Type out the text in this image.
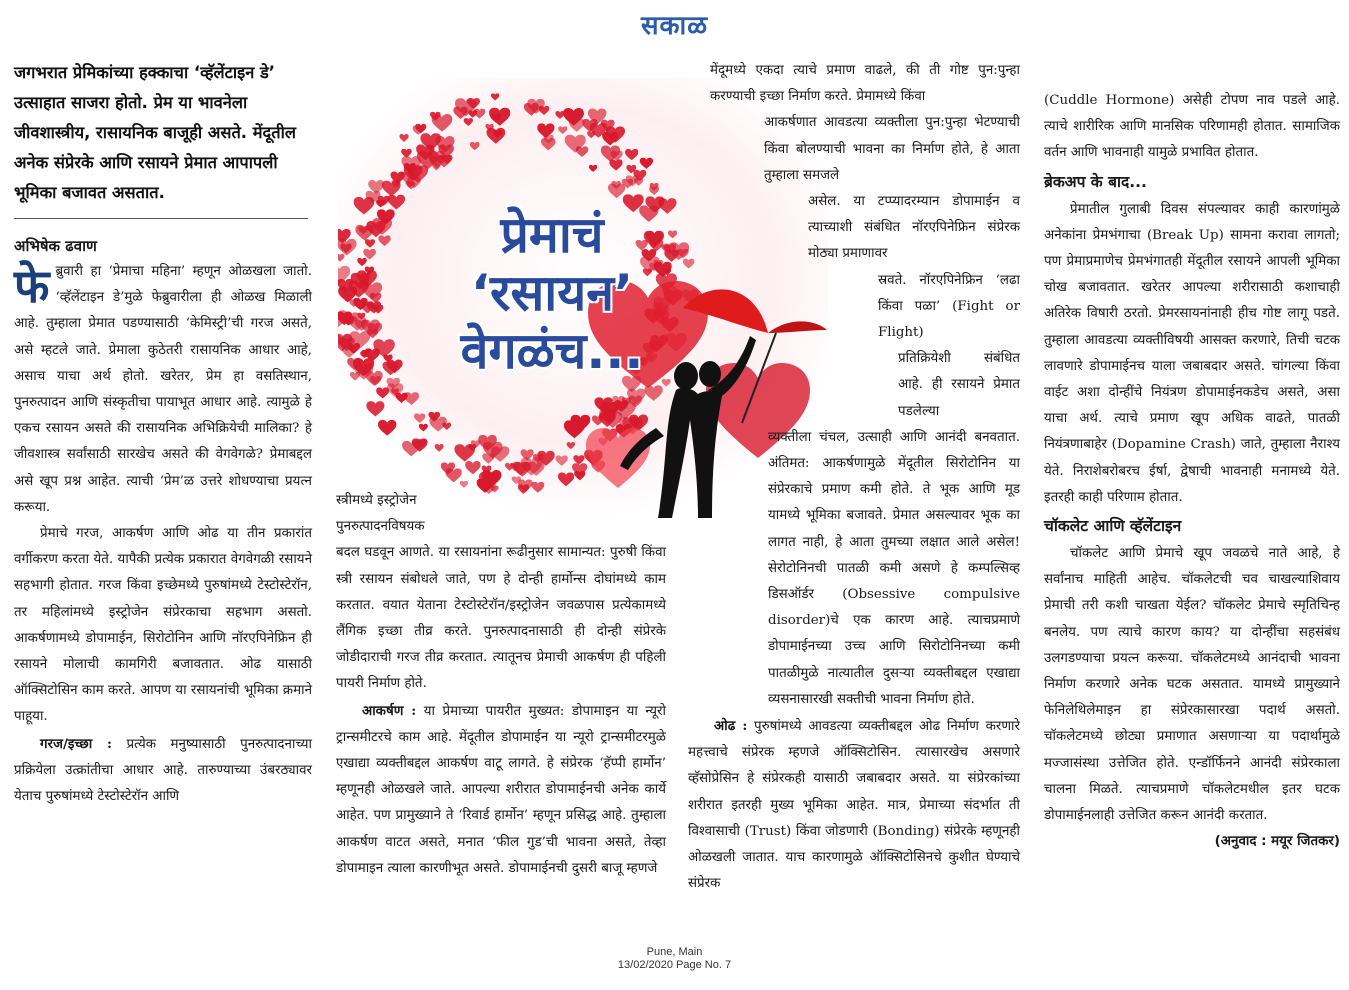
सकाळ

जगभरात प्रेमिकांच्या हक्काचा ‘व्हॅलेंटाइन डे’ उत्साहात साजरा होतो. प्रेम या भावनेला जीवशास्त्रीय, रासायनिक बाजूही असते. मेंदूतील अनेक संप्रेरके आणि रसायने प्रेमात आपापली भूमिका बजावत असतात.

अभिषेक ढवाण

फेब्रुवारी हा ‘प्रेमाचा महिना’ म्हणून ओळखला जातो. ‘व्हॅलेंटाइन डे’मुळे फेब्रुवारीला ही ओळख मिळाली आहे. तुम्हाला प्रेमात पडण्यासाठी ‘केमिस्ट्री’ची गरज असते, असे म्हटले जाते. प्रेमाला कुठेतरी रासायनिक आधार आहे, असाच याचा अर्थ होतो. खरेतर, प्रेम हा वसतिस्थान, पुनरुत्पादन आणि संस्कृतीचा पायाभूत आधार आहे. त्यामुळे हे एकच रसायन असते की रासायनिक अभिक्रियेची मालिका? हे जीवशास्त्र सर्वांसाठी सारखेच असते की वेगवेगळे? प्रेमाबद्दल असे खूप प्रश्न आहेत. त्याची ‘प्रेम’ळ उत्तरे शोधण्याचा प्रयत्न करूया.

प्रेमाचे गरज, आकर्षण आणि ओढ या तीन प्रकारांत वर्गीकरण करता येते. यापैकी प्रत्येक प्रकारात वेगवेगळी रसायने सहभागी होतात. गरज किंवा इच्छेमध्ये पुरुषांमध्ये टेस्टोस्टेरॉन, तर महिलांमध्ये इस्ट्रोजेन संप्रेरकाचा सहभाग असतो. आकर्षणामध्ये डोपामाईन, सिरोटोनिन आणि नॉरएपिनेफ्रिन ही रसायने मोलाची कामगिरी बजावतात. ओढ यासाठी ऑक्सिटोसिन काम करते. आपण या रसायनांची भूमिका क्रमाने पाहूया.

गरज/इच्छा : प्रत्येक मनुष्यासाठी पुनरुत्पादनाच्या प्रक्रियेला उत्क्रांतीचा आधार आहे. तारुण्याच्या उंबरठ्यावर येताच पुरुषांमध्ये टेस्टोस्टेरॉन आणि

प्रेमाचं
‘रसायन’
वेगळंच...

स्त्रीमध्ये इस्ट्रोजेन

पुनरुत्पादनविषयक

बदल घडवून आणते. या रसायनांना रूढीनुसार सामान्यत: पुरुषी किंवा स्त्री रसायन संबोधले जाते, पण हे दोन्ही हार्मोन्स दोघांमध्ये काम करतात. वयात येताना टेस्टोस्टेरॉन/इस्ट्रोजेन जवळपास प्रत्येकामध्ये लैंगिक इच्छा तीव्र करते. पुनरुत्पादनासाठी ही दोन्ही संप्रेरके जोडीदाराची गरज तीव्र करतात. त्यातूनच प्रेमाची आकर्षण ही पहिली पायरी निर्माण होते.

आकर्षण : या प्रेमाच्या पायरीत मुख्यत: डोपामाइन या न्यूरो ट्रान्समीटरचे काम आहे. मेंदूतील डोपामाईन या न्यूरो ट्रान्समीटरमुळे एखाद्या व्यक्तीबद्दल आकर्षण वाटू लागते. हे संप्रेरक ‘हॅप्पी हार्मोन’ म्हणूनही ओळखले जाते. आपल्या शरीरात डोपामाईनची अनेक कार्ये आहेत. पण प्रामुख्याने ते ‘रिवार्ड हार्मोन’ म्हणून प्रसिद्ध आहे. तुम्हाला आकर्षण वाटत असते, मनात ‘फील गुड’ची भावना असते, तेव्हा डोपामाइन त्याला कारणीभूत असते. डोपामाईनची दुसरी बाजू म्हणजे

मेंदूमध्ये एकदा त्याचे प्रमाण वाढले, की ती गोष्ट पुन:पुन्हा करण्याची इच्छा निर्माण करते. प्रेमामध्ये किंवा

आकर्षणात आवडत्या व्यक्तीला पुन:पुन्हा भेटण्याची किंवा बोलण्याची भावना का निर्माण होते, हे आता तुम्हाला समजले

असेल. या टप्प्यादरम्यान डोपामाईन व त्याच्याशी संबंधित नॉरएपिनेफ्रिन संप्रेरक मोठ्या प्रमाणावर

स्रवते. नॉरएपिनेफ्रिन ‘लढा किंवा पळा’ (Fight or Flight)

प्रतिक्रियेशी संबंधित आहे. ही रसायने प्रेमात पडलेल्या

व्यक्तीला चंचल, उत्साही आणि आनंदी बनवतात. अंतिमत: आकर्षणामुळे मेंदूतील सिरोटोनिन या संप्रेरकाचे प्रमाण कमी होते. ते भूक आणि मूड यामध्ये भूमिका बजावते. प्रेमात असल्यावर भूक का लागत नाही, हे आता तुमच्या लक्षात आले असेल! सेरोटोनिनची पातळी कमी असणे हे कम्पल्सिव्ह डिसऑर्डर (Obsessive compulsive disorder)चे एक कारण आहे. त्याचप्रमाणे डोपामाईनच्या उच्च आणि सिरोटोनिनच्या कमी पातळीमुळे नात्यातील दुसऱ्या व्यक्तीबद्दल एखाद्या व्यसनासारखी सक्तीची भावना निर्माण होते.

ओढ : पुरुषांमध्ये आवडत्या व्यक्तीबद्दल ओढ निर्माण करणारे महत्त्वाचे संप्रेरक म्हणजे ऑक्सिटोसिन. त्यासारखेच असणारे व्हॅसोप्रेसिन हे संप्रेरकही यासाठी जबाबदार असते. या संप्रेरकांच्या शरीरात इतरही मुख्य भूमिका आहेत. मात्र, प्रेमाच्या संदर्भात ती विश्वासाची (Trust) किंवा जोडणारी (Bonding) संप्रेरके म्हणूनही ओळखली जातात. याच कारणामुळे ऑक्सिटोसिनचे कुशीत घेण्याचे संप्रेरक

(Cuddle Hormone) असेही टोपण नाव पडले आहे. त्याचे शारीरिक आणि मानसिक परिणामही होतात. सामाजिक वर्तन आणि भावनाही यामुळे प्रभावित होतात.

ब्रेकअप के बाद...

प्रेमातील गुलाबी दिवस संपल्यावर काही कारणांमुळे अनेकांना प्रेमभंगाचा (Break Up) सामना करावा लागतो; पण प्रेमाप्रमाणेच प्रेमभंगातही मेंदूतील रसायने आपली भूमिका चोख बजावतात. खरेतर आपल्या शरीरासाठी कशाचाही अतिरेक विषारी ठरतो. प्रेमरसायनांनाही हीच गोष्ट लागू पडते. तुम्हाला आवडत्या व्यक्तीविषयी आसक्त करणारे, तिची चटक लावणारे डोपामाईनच याला जबाबदार असते. चांगल्या किंवा वाईट अशा दोन्हींचे नियंत्रण डोपामाईनकडेच असते, असा याचा अर्थ. त्याचे प्रमाण खूप अधिक वाढते, पातळी नियंत्रणाबाहेर (Dopamine Crash) जाते, तुम्हाला नैराश्य येते. निराशेबरोबरच ईर्षा, द्वेषाची भावनाही मनामध्ये येते. इतरही काही परिणाम होतात.

चॉकलेट आणि व्हॅलेंटाइन

चॉकलेट आणि प्रेमाचे खूप जवळचे नाते आहे, हे सर्वांनाच माहिती आहेच. चॉकलेटची चव चाखल्याशिवाय प्रेमाची तरी कशी चाखता येईल? चॉकलेट प्रेमाचे स्मृतिचिन्ह बनलेय. पण त्याचे कारण काय? या दोन्हींचा सहसंबंध उलगडण्याचा प्रयत्न करूया. चॉकलेटमध्ये आनंदाची भावना निर्माण करणारे अनेक घटक असतात. यामध्ये प्रामुख्याने फेनिलेथिलेमाइन हा संप्रेरकासारखा पदार्थ असतो. चॉकलेटमध्ये छोट्या प्रमाणात असणाऱ्या या पदार्थामुळे मज्जासंस्था उत्तेजित होते. एन्डॉर्फिनने आनंदी संप्रेरकाला चालना मिळते. त्याचप्रमाणे चॉकलेटमधील इतर घटक डोपामाईनलाही उत्तेजित करून आनंदी करतात.

(अनुवाद : मयूर जितकर)

Pune, Main
13/02/2020 Page No. 7
